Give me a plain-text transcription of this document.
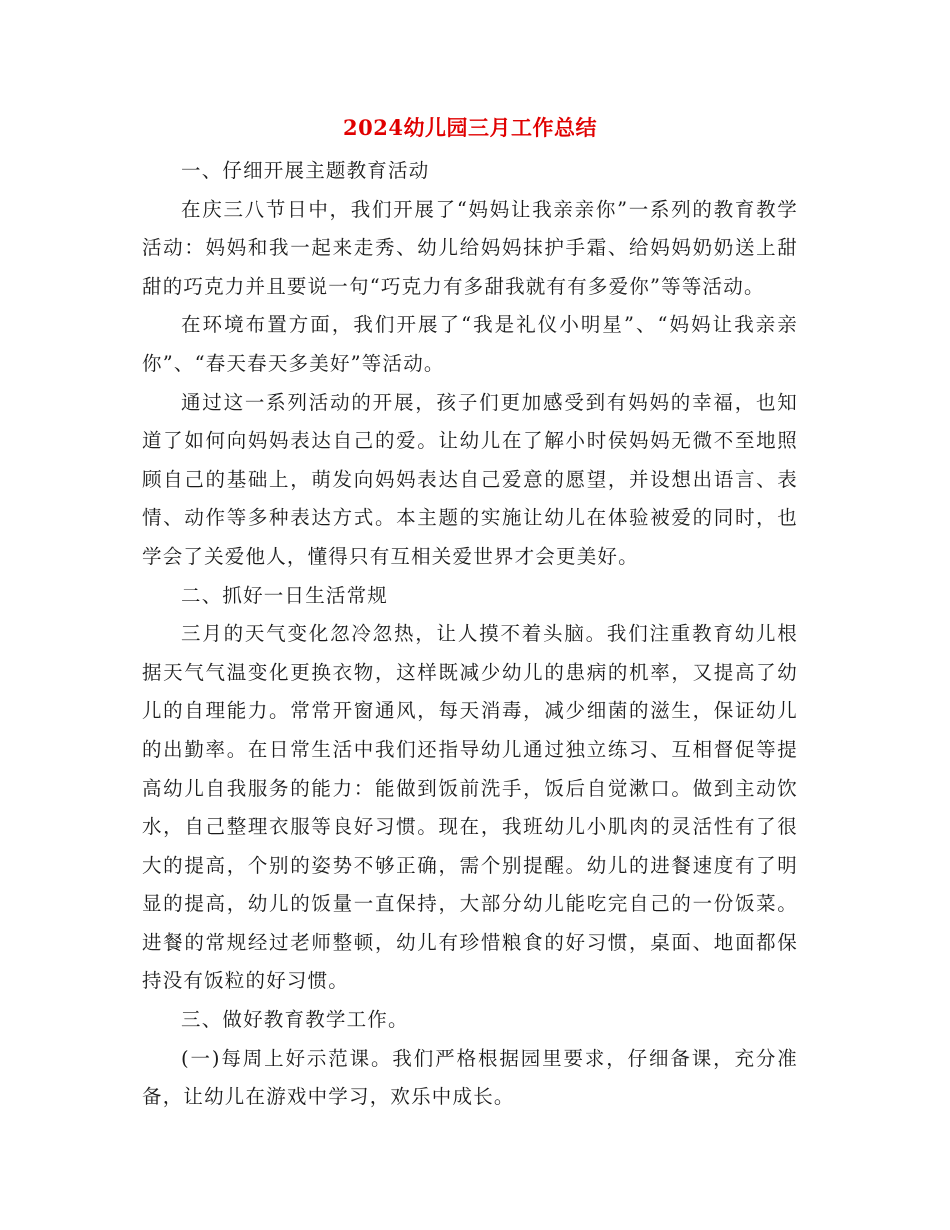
2024幼儿园三月工作总结

一、仔细开展主题教育活动

在庆三八节日中，我们开展了“妈妈让我亲亲你”一系列的教育教学活动：妈妈和我一起来走秀、幼儿给妈妈抹护手霜、给妈妈奶奶送上甜甜的巧克力并且要说一句“巧克力有多甜我就有有多爱你”等等活动。

在环境布置方面，我们开展了“我是礼仪小明星”、“妈妈让我亲亲你”、“春天春天多美好”等活动。

通过这一系列活动的开展，孩子们更加感受到有妈妈的幸福，也知道了如何向妈妈表达自己的爱。让幼儿在了解小时侯妈妈无微不至地照顾自己的基础上，萌发向妈妈表达自己爱意的愿望，并设想出语言、表情、动作等多种表达方式。本主题的实施让幼儿在体验被爱的同时，也学会了关爱他人，懂得只有互相关爱世界才会更美好。

二、抓好一日生活常规

三月的天气变化忽冷忽热，让人摸不着头脑。我们注重教育幼儿根据天气气温变化更换衣物，这样既减少幼儿的患病的机率，又提高了幼儿的自理能力。常常开窗通风，每天消毒，减少细菌的滋生，保证幼儿的出勤率。在日常生活中我们还指导幼儿通过独立练习、互相督促等提高幼儿自我服务的能力：能做到饭前洗手，饭后自觉漱口。做到主动饮水，自己整理衣服等良好习惯。现在，我班幼儿小肌肉的灵活性有了很大的提高，个别的姿势不够正确，需个别提醒。幼儿的进餐速度有了明显的提高，幼儿的饭量一直保持，大部分幼儿能吃完自己的一份饭菜。进餐的常规经过老师整顿，幼儿有珍惜粮食的好习惯，桌面、地面都保持没有饭粒的好习惯。

三、做好教育教学工作。

(一)每周上好示范课。我们严格根据园里要求，仔细备课，充分准备，让幼儿在游戏中学习，欢乐中成长。
